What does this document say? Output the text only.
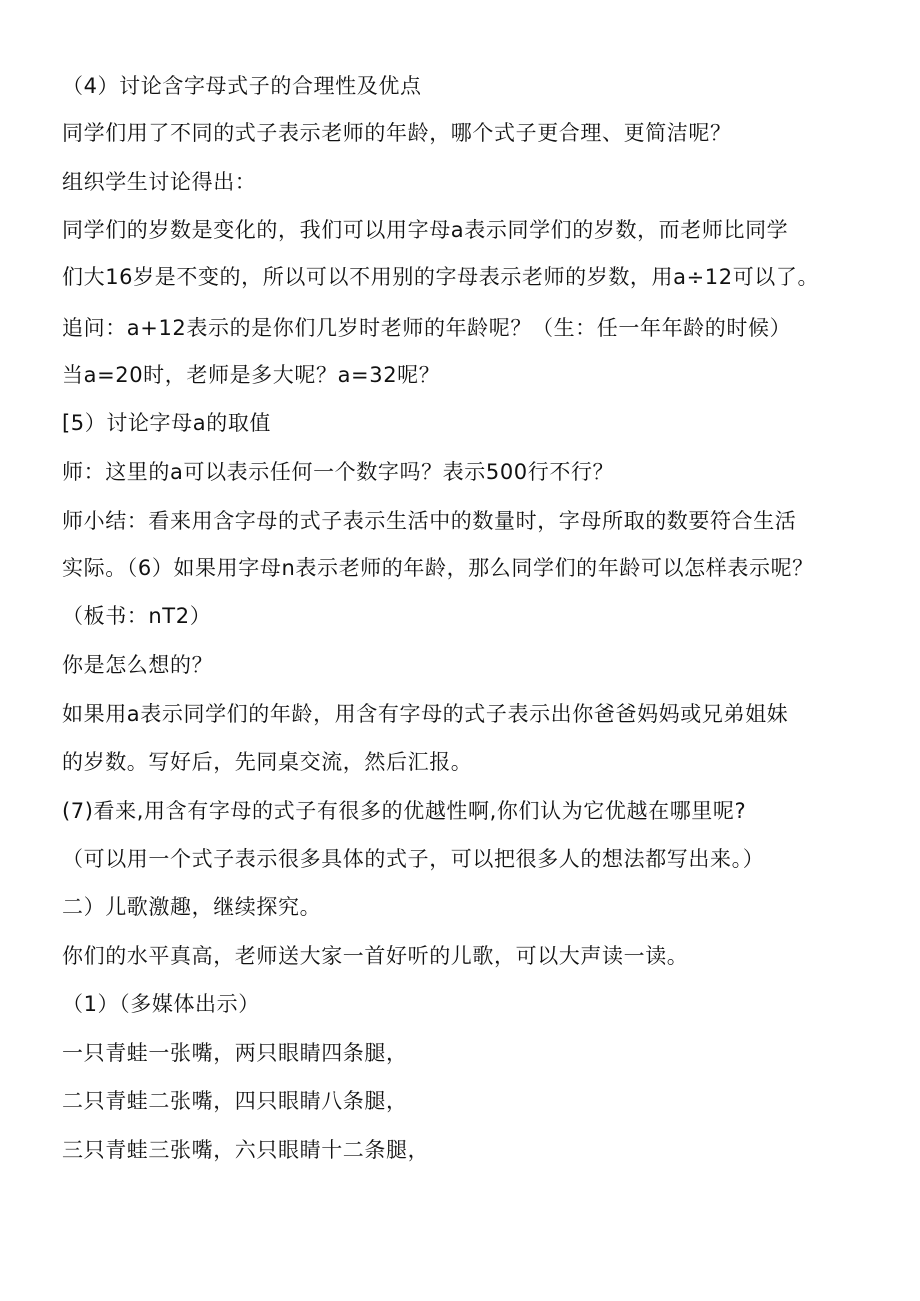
（4）讨论含字母式子的合理性及优点
同学们用了不同的式子表示老师的年龄，哪个式子更合理、更简洁呢？
组织学生讨论得出：
同学们的岁数是变化的，我们可以用字母a表示同学们的岁数，而老师比同学
们大16岁是不变的，所以可以不用别的字母表示老师的岁数，用a÷12可以了。
追问：a+12表示的是你们几岁时老师的年龄呢？（生：任一年年龄的时候）
当a=20时，老师是多大呢？a=32呢？
[5）讨论字母a的取值
师：这里的a可以表示任何一个数字吗？表示500行不行？
师小结：看来用含字母的式子表示生活中的数量时，字母所取的数要符合生活
实际。（6）如果用字母n表示老师的年龄，那么同学们的年龄可以怎样表示呢？
（板书：nT2）
你是怎么想的？
如果用a表示同学们的年龄，用含有字母的式子表示出你爸爸妈妈或兄弟姐妹
的岁数。写好后，先同桌交流，然后汇报。
(7)看来,用含有字母的式子有很多的优越性啊,你们认为它优越在哪里呢?
（可以用一个式子表示很多具体的式子，可以把很多人的想法都写出来。）
二）儿歌激趣，继续探究。
你们的水平真高，老师送大家一首好听的儿歌，可以大声读一读。
（1）（多媒体出示）
一只青蛙一张嘴，两只眼睛四条腿，
二只青蛙二张嘴，四只眼睛八条腿，
三只青蛙三张嘴，六只眼睛十二条腿，
